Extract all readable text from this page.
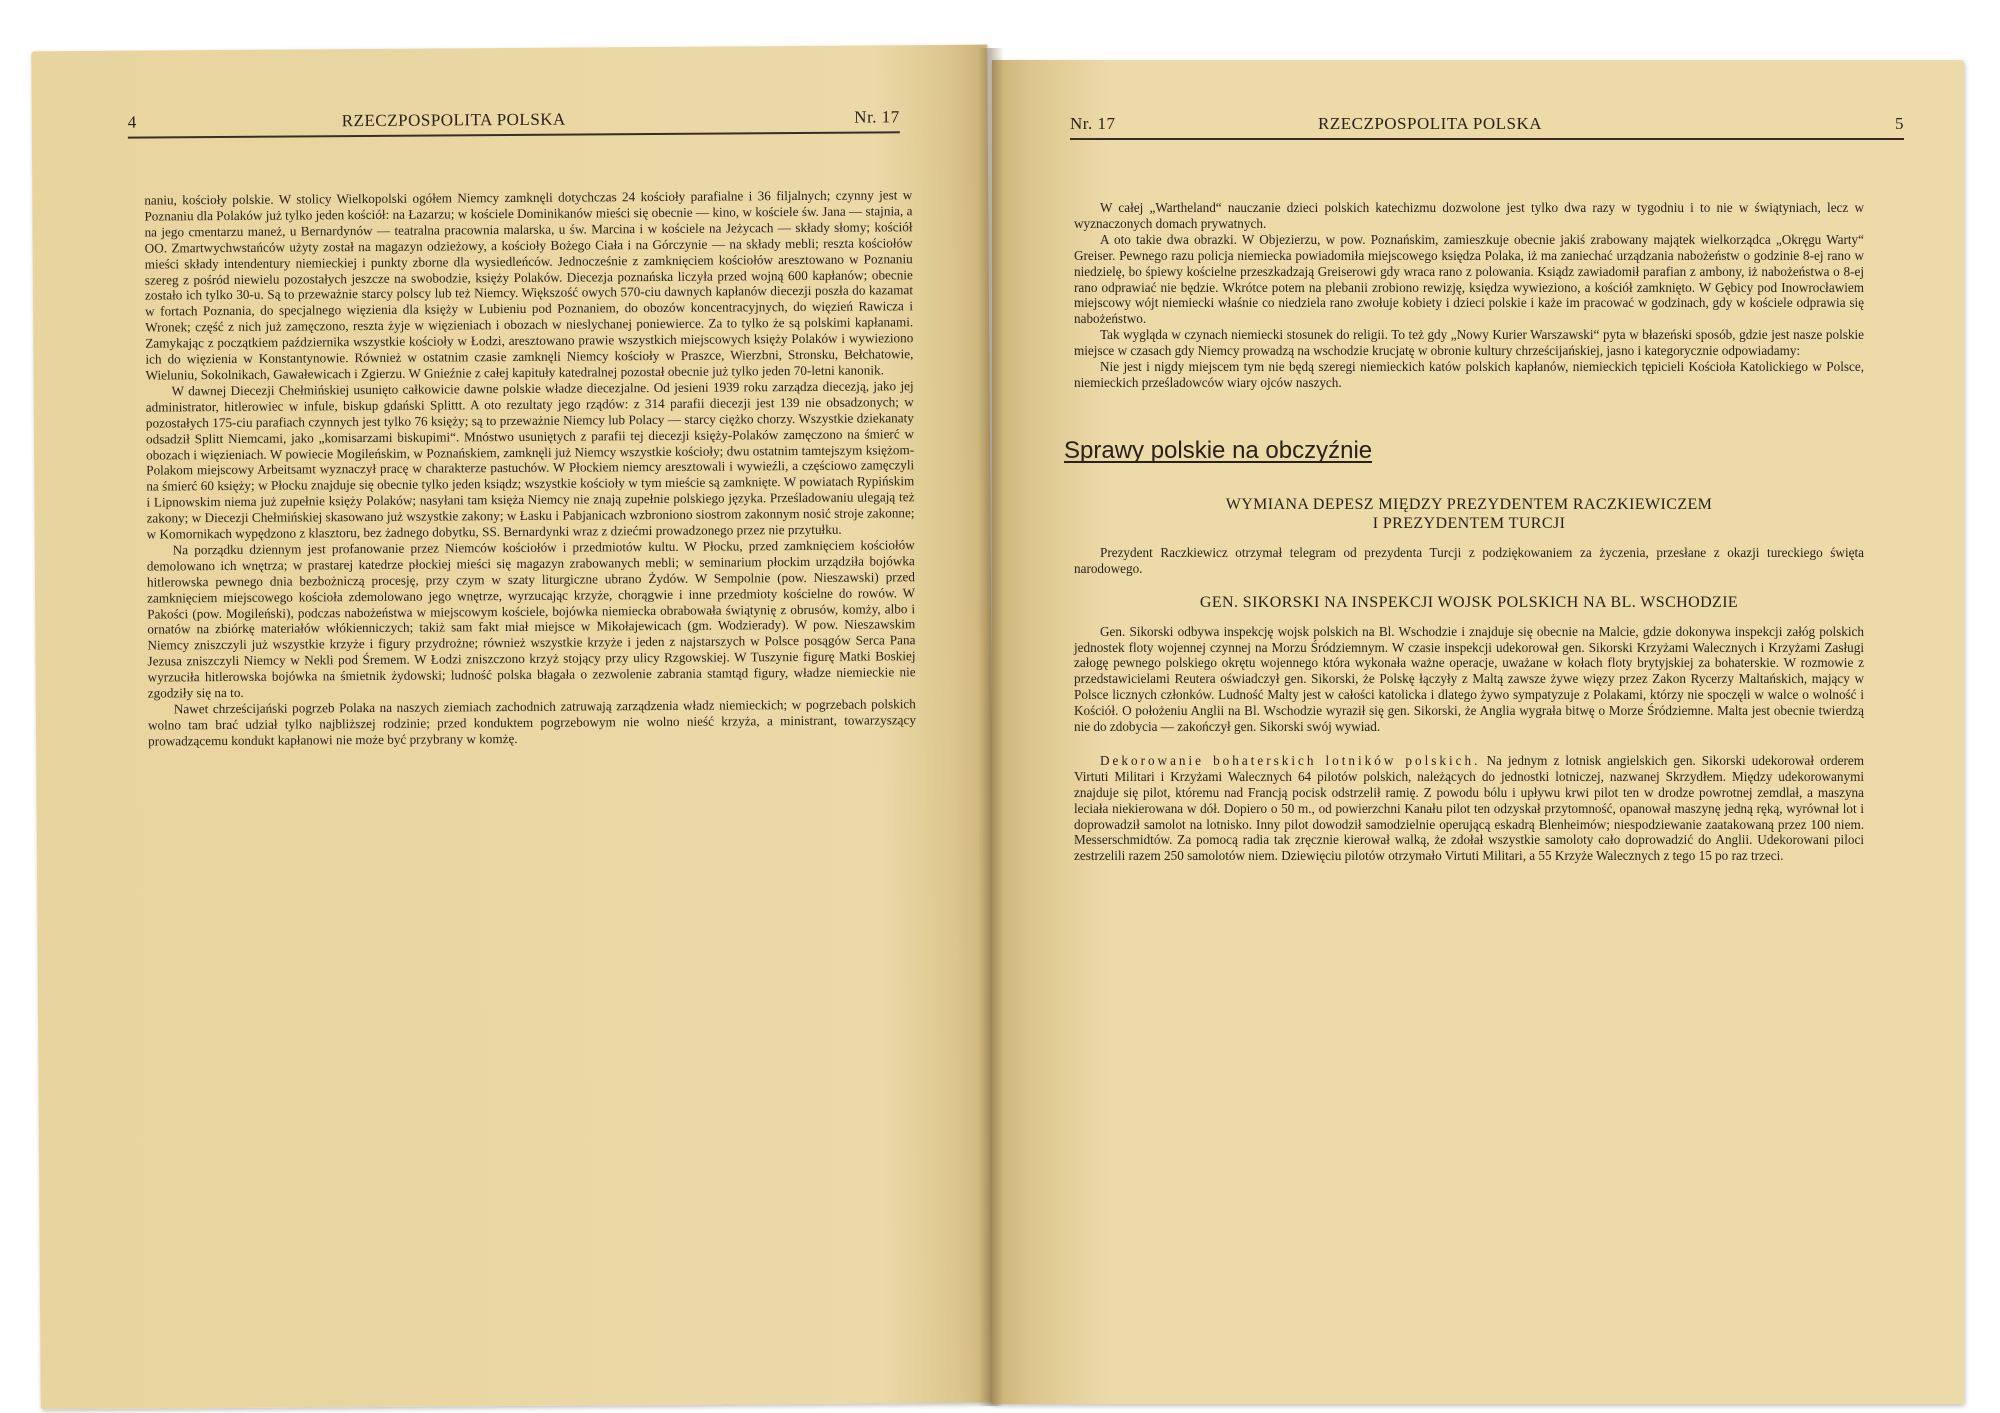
4	RZECZPOSPOLITA POLSKA	Nr. 17

naniu, kościoły polskie. W stolicy Wielkopolski ogółem Niemcy zamknęli dotychczas 24 kościoły parafialne i 36 filjalnych; czynny jest w Poznaniu dla Polaków już tylko jeden kościół: na Łazarzu; w kościele Dominikanów mieści się obecnie — kino, w kościele św. Jana — stajnia, a na jego cmentarzu maneż, u Bernardynów — teatralna pracownia malarska, u św. Marcina i w kościele na Jeżycach — składy słomy; kościół OO. Zmartwychwstańców użyty został na magazyn odzieżowy, a kościoły Bożego Ciała i na Górczynie — na składy mebli; reszta kościołów mieści składy intendentury niemieckiej i punkty zborne dla wysiedleńców. Jednocześnie z zamknięciem kościołów aresztowano w Poznaniu szereg z pośród niewielu pozostałych jeszcze na swobodzie, księży Polaków. Diecezja poznańska liczyła przed wojną 600 kapłanów; obecnie zostało ich tylko 30-u. Są to przeważnie starcy polscy lub też Niemcy. Większość owych 570-ciu dawnych kapłanów diecezji poszła do kazamat w fortach Poznania, do specjalnego więzienia dla księży w Lubieniu pod Poznaniem, do obozów koncentracyjnych, do więzień Rawicza i Wronek; część z nich już zamęczono, reszta żyje w więzieniach i obozach w nieslychanej poniewierce. Za to tylko że są polskimi kapłanami. Zamykając z początkiem października wszystkie kościoły w Łodzi, aresztowano prawie wszystkich miejscowych księży Polaków i wywieziono ich do więzienia w Konstantynowie. Również w ostatnim czasie zamknęli Niemcy kościoły w Praszce, Wierzbni, Stronsku, Bełchatowie, Wieluniu, Sokolnikach, Gawałewicach i Zgierzu. W Gnieźnie z całej kapituły katedralnej pozostał obecnie już tylko jeden 70-letni kanonik.

W dawnej Diecezji Chełmińskiej usunięto całkowicie dawne polskie władze diecezjalne. Od jesieni 1939 roku zarządza diecezją, jako jej administrator, hitlerowiec w infule, biskup gdański Splittt. A oto rezultaty jego rządów: z 314 parafii diecezji jest 139 nie obsadzonych; w pozostałych 175-ciu parafiach czynnych jest tylko 76 księży; są to przeważnie Niemcy lub Polacy — starcy ciężko chorzy. Wszystkie dziekanaty odsadził Splitt Niemcami, jako „komisarzami biskupimi“. Mnóstwo usuniętych z parafii tej diecezji księży-Polaków zamęczono na śmierć w obozach i więzieniach. W powiecie Mogileńskim, w Poznańskiem, zamknęli już Niemcy wszystkie kościoły; dwu ostatnim tamtejszym księżom-Polakom miejscowy Arbeitsamt wyznaczył pracę w charakterze pastuchów. W Płockiem niemcy aresztowali i wywieźli, a częściowo zamęczyli na śmierć 60 księży; w Płocku znajduje się obecnie tylko jeden ksiądz; wszystkie kościoły w tym mieście są zamknięte. W powiatach Rypińskim i Lipnowskim niema już zupełnie księży Polaków; nasyłani tam księża Niemcy nie znają zupełnie polskiego języka. Prześladowaniu ulegają też zakony; w Diecezji Chełmińskiej skasowano już wszystkie zakony; w Łasku i Pabjanicach wzbroniono siostrom zakonnym nosić stroje zakonne; w Komornikach wypędzono z klasztoru, bez żadnego dobytku, SS. Bernardynki wraz z dziećmi prowadzonego przez nie przytułku.

Na porządku dziennym jest profanowanie przez Niemców kościołów i przedmiotów kultu. W Płocku, przed zamknięciem kościołów demolowano ich wnętrza; w prastarej katedrze płockiej mieści się magazyn zrabowanych mebli; w seminarium płockim urządziła bojówka hitlerowska pewnego dnia bezbożniczą procesję, przy czym w szaty liturgiczne ubrano Żydów. W Sempolnie (pow. Nieszawski) przed zamknięciem miejscowego kościoła zdemolowano jego wnętrze, wyrzucając krzyże, chorągwie i inne przedmioty kościelne do rowów. W Pakości (pow. Mogileński), podczas nabożeństwa w miejscowym kościele, bojówka niemiecka obrabowała świątynię z obrusów, komży, albo i ornatów na zbiórkę materiałów włókienniczych; takiż sam fakt miał miejsce w Mikołajewicach (gm. Wodzierady). W pow. Nieszawskim Niemcy zniszczyli już wszystkie krzyże i figury przydrożne; również wszystkie krzyże i jeden z najstarszych w Polsce posągów Serca Pana Jezusa zniszczyli Niemcy w Nekli pod Śremem. W Łodzi zniszczono krzyż stojący przy ulicy Rzgowskiej. W Tuszynie figurę Matki Boskiej wyrzuciła hitlerowska bojówka na śmietnik żydowski; ludność polska błagała o zezwolenie zabrania stamtąd figury, władze niemieckie nie zgodziły się na to.

Nawet chrześcijański pogrzeb Polaka na naszych ziemiach zachodnich zatruwają zarządzenia władz niemieckich; w pogrzebach polskich wolno tam brać udział tylko najbliższej rodzinie; przed konduktem pogrzebowym nie wolno nieść krzyża, a ministrant, towarzyszący prowadzącemu kondukt kapłanowi nie może być przybrany w komżę.

Nr. 17	RZECZPOSPOLITA POLSKA	5

W całej „Wartheland“ nauczanie dzieci polskich katechizmu dozwolone jest tylko dwa razy w tygodniu i to nie w świątyniach, lecz w wyznaczonych domach prywatnych.

A oto takie dwa obrazki. W Objezierzu, w pow. Poznańskim, zamieszkuje obecnie jakiś zrabowany majątek wielkorządca „Okręgu Warty“ Greiser. Pewnego razu policja niemiecka powiadomiła miejscowego księdza Polaka, iż ma zaniechać urządzania nabożeństw o godzinie 8-ej rano w niedzielę, bo śpiewy kościelne przeszkadzają Greiserowi gdy wraca rano z polowania. Ksiądz zawiadomił parafian z ambony, iż nabożeństwa o 8-ej rano odprawiać nie będzie. Wkrótce potem na plebanii zrobiono rewizję, księdza wywieziono, a kościół zamknięto. W Gębicy pod Inowrocławiem miejscowy wójt niemiecki właśnie co niedziela rano zwołuje kobiety i dzieci polskie i każe im pracować w godzinach, gdy w kościele odprawia się nabożeństwo.

Tak wygląda w czynach niemiecki stosunek do religii. To też gdy „Nowy Kurier Warszawski“ pyta w błazeński sposób, gdzie jest nasze polskie miejsce w czasach gdy Niemcy prowadzą na wschodzie krucjatę w obronie kultury chrześcijańskiej, jasno i kategorycznie odpowiadamy:

Nie jest i nigdy miejscem tym nie będą szeregi niemieckich katów polskich kapłanów, niemieckich tępicieli Kościoła Katolickiego w Polsce, niemieckich prześladowców wiary ojców naszych.

Sprawy polskie na obczyźnie
WYMIANA DEPESZ MIĘDZY PREZYDENTEM RACZKIEWICZEM
I PREZYDENTEM TURCJI

Prezydent Raczkiewicz otrzymał telegram od prezydenta Turcji z podziękowaniem za życzenia, przesłane z okazji tureckiego święta narodowego.

GEN. SIKORSKI NA INSPEKCJI WOJSK POLSKICH NA BL. WSCHODZIE

Gen. Sikorski odbywa inspekcję wojsk polskich na Bl. Wschodzie i znajduje się obecnie na Malcie, gdzie dokonywa inspekcji załóg polskich jednostek floty wojennej czynnej na Morzu Śródziemnym. W czasie inspekcji udekorował gen. Sikorski Krzyżami Walecznych i Krzyżami Zasługi załogę pewnego polskiego okrętu wojennego która wykonała ważne operacje, uważane w kołach floty brytyjskiej za bohaterskie. W rozmowie z przedstawicielami Reutera oświadczył gen. Sikorski, że Polskę łączyły z Maltą zawsze żywe więzy przez Zakon Rycerzy Maltańskich, mający w Polsce licznych członków. Ludność Malty jest w całości katolicka i dlatego żywo sympatyzuje z Polakami, którzy nie spoczęli w walce o wolność i Kościół. O położeniu Anglii na Bl. Wschodzie wyraził się gen. Sikorski, że Anglia wygrała bitwę o Morze Śródziemne. Malta jest obecnie twierdzą nie do zdobycia — zakończył gen. Sikorski swój wywiad.

Dekorowanie bohaterskich lotników polskich. Na jednym z lotnisk angielskich gen. Sikorski udekorował orderem Virtuti Militari i Krzyżami Walecznych 64 pilotów polskich, należących do jednostki lotniczej, nazwanej Skrzydłem. Między udekorowanymi znajduje się pilot, któremu nad Francją pocisk odstrzelił ramię. Z powodu bólu i upływu krwi pilot ten w drodze powrotnej zemdlał, a maszyna leciała niekierowana w dół. Dopiero o 50 m., od powierzchni Kanału pilot ten odzyskał przytomność, opanował maszynę jedną ręką, wyrównał lot i doprowadził samolot na lotnisko. Inny pilot dowodził samodzielnie operującą eskadrą Blenheimów; niespodziewanie zaatakowaną przez 100 niem. Messerschmidtów. Za pomocą radia tak zręcznie kierował walką, że zdołał wszystkie samoloty cało doprowadzić do Anglii. Udekorowani piloci zestrzelili razem 250 samolotów niem. Dziewięciu pilotów otrzymało Virtuti Militari, a 55 Krzyże Walecznych z tego 15 po raz trzeci.
